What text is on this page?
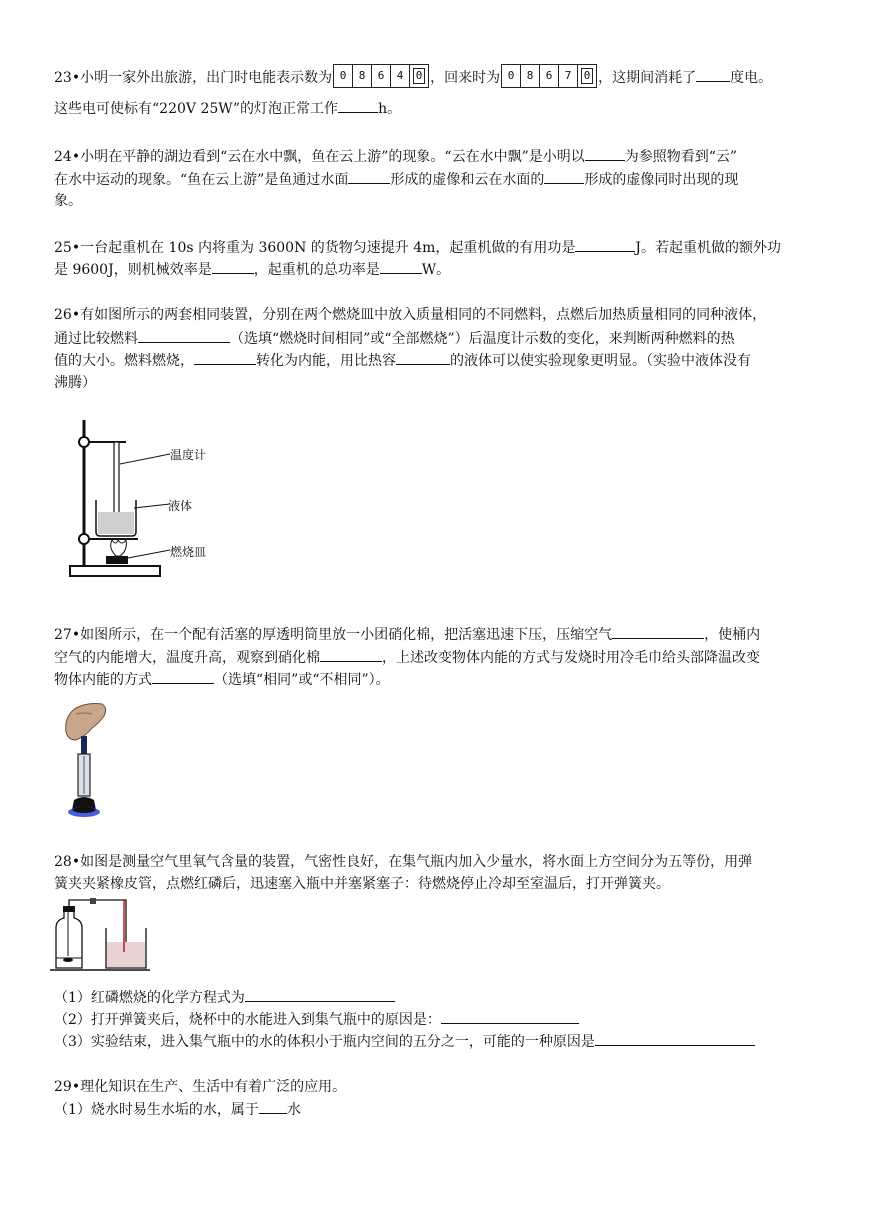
23•小明一家外出旅游，出门时电能表示数为 0 8 6 4 0 ，回来时为 0 8 6 7 0 ，这期间消耗了 度电。
这些电可使标有“220V 25W”的灯泡正常工作	h。
24•小明在平静的湖边看到“云在水中飘，鱼在云上游”的现象。“云在水中飘”是小明以	为参照物看到“云”
在水中运动的现象。“鱼在云上游”是鱼通过水面	形成的虚像和云在水面的	形成的虚像同时出现的现
象。
25•一台起重机在 10s 内将重为 3600N 的货物匀速提升 4m，起重机做的有用功是	J。若起重机做的额外功
是 9600J，则机械效率是	，起重机的总功率是	W。
26•有如图所示的两套相同装置，分别在两个燃烧皿中放入质量相同的不同燃料，点燃后加热质量相同的同种液体，
通过比较燃料	（选填“燃烧时间相同”或“全部燃烧”）后温度计示数的变化，来判断两种燃料的热
值的大小。燃料燃烧，	转化为内能，用比热容	的液体可以使实验现象更明显。（实验中液体没有
沸腾）
温度计
液体
燃烧皿
27•如图所示，在一个配有活塞的厚透明筒里放一小团硝化棉，把活塞迅速下压，压缩空气	，使桶内
空气的内能增大，温度升高，观察到硝化棉	，上述改变物体内能的方式与发烧时用冷毛巾给头部降温改变
物体内能的方式	（选填“相同”或“不相同”）。
28•如图是测量空气里氧气含量的装置，气密性良好，在集气瓶内加入少量水，将水面上方空间分为五等份，用弹
簧夹夹紧橡皮管，点燃红磷后，迅速塞入瓶中并塞紧塞子：待燃烧停止冷却至室温后，打开弹簧夹。
（1）红磷燃烧的化学方程式为
（2）打开弹簧夹后，烧杯中的水能进入到集气瓶中的原因是：
（3）实验结束，进入集气瓶中的水的体积小于瓶内空间的五分之一，可能的一种原因是
29•理化知识在生产、生活中有着广泛的应用。
（1）烧水时易生水垢的水，属于 水
